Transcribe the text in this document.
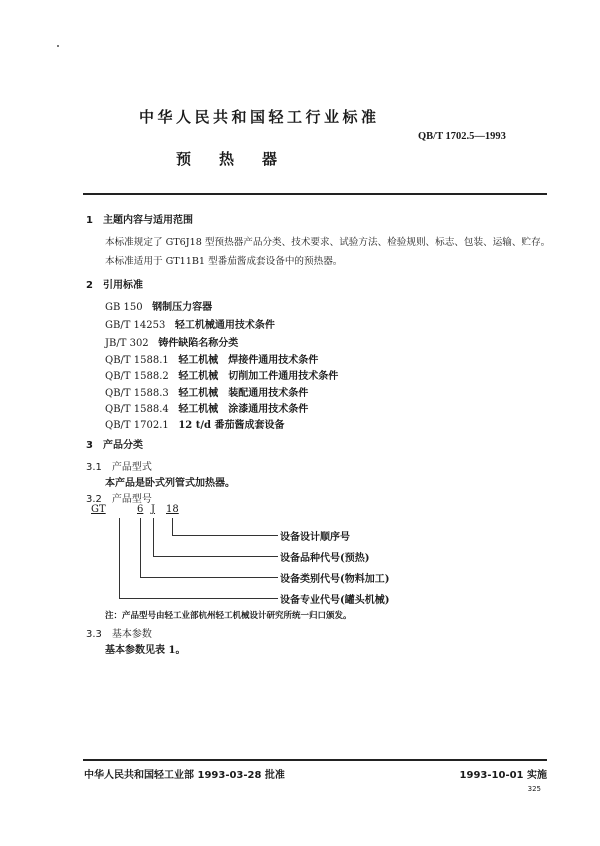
中华人民共和国轻工行业标准
QB/T 1702.5—1993
预热器
1　主题内容与适用范围
本标准规定了 GT6J18 型预热器产品分类、技术要求、试验方法、检验规则、标志、包装、运输、贮存。
本标准适用于 GT11B1 型番茄酱成套设备中的预热器。
2　引用标准
GB 150 钢制压力容器
GB/T 14253 轻工机械通用技术条件
JB/T 302 铸件缺陷名称分类
QB/T 1588.1 轻工机械　焊接件通用技术条件
QB/T 1588.2 轻工机械　切削加工件通用技术条件
QB/T 1588.3 轻工机械　装配通用技术条件
QB/T 1588.4 轻工机械　涂漆通用技术条件
QB/T 1702.1 12 t/d 番茄酱成套设备
3　产品分类
3.1　产品型式
本产品是卧式列管式加热器。
3.2　产品型号
GT	6 J 18
设备设计顺序号
设备品种代号(预热)
设备类别代号(物料加工)
设备专业代号(罐头机械)
注：产品型号由轻工业部杭州轻工机械设计研究所统一归口颁发。
3.3　基本参数
基本参数见表 1。
中华人民共和国轻工业部 1993-03-28 批准	1993-10-01 实施
325
